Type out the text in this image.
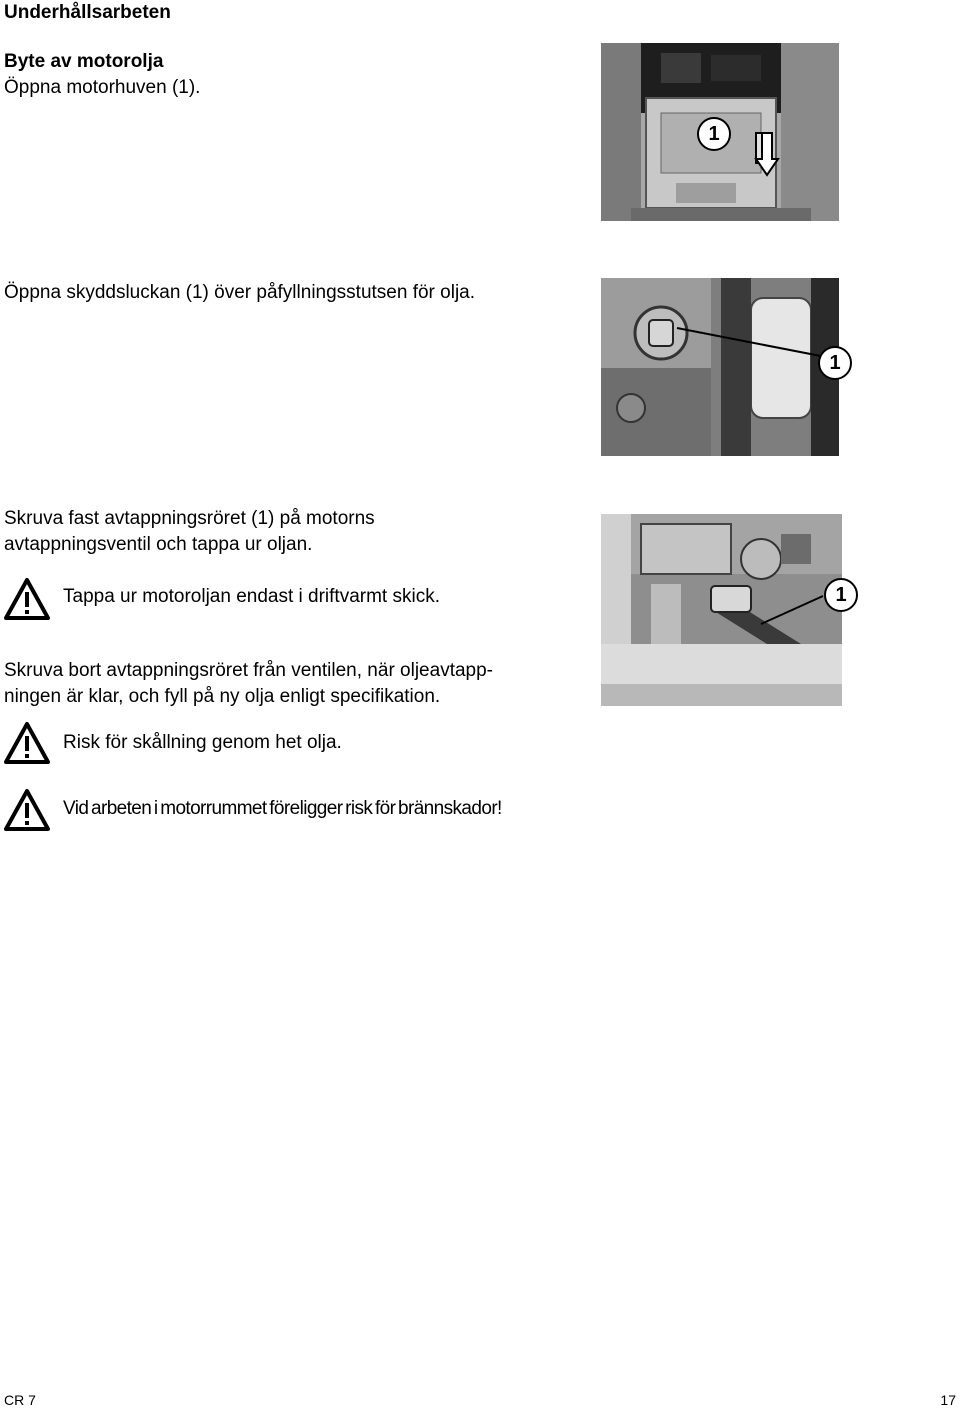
Underhållsarbeten
Byte av motorolja
Öppna motorhuven (1).
1
Öppna skyddsluckan (1) över påfyllningsstutsen för olja.
1
Skruva fast avtappningsröret (1) på motorns
avtappningsventil och tappa ur oljan.
Tappa ur motoroljan endast i driftvarmt skick.	1
Skruva bort avtappningsröret från ventilen, när oljeavtapp-
ningen är klar, och fyll på ny olja enligt specifikation.
Risk för skållning genom het olja.
Vid arbeten i motorrummet föreligger risk för brännskador!
CR 7	17
